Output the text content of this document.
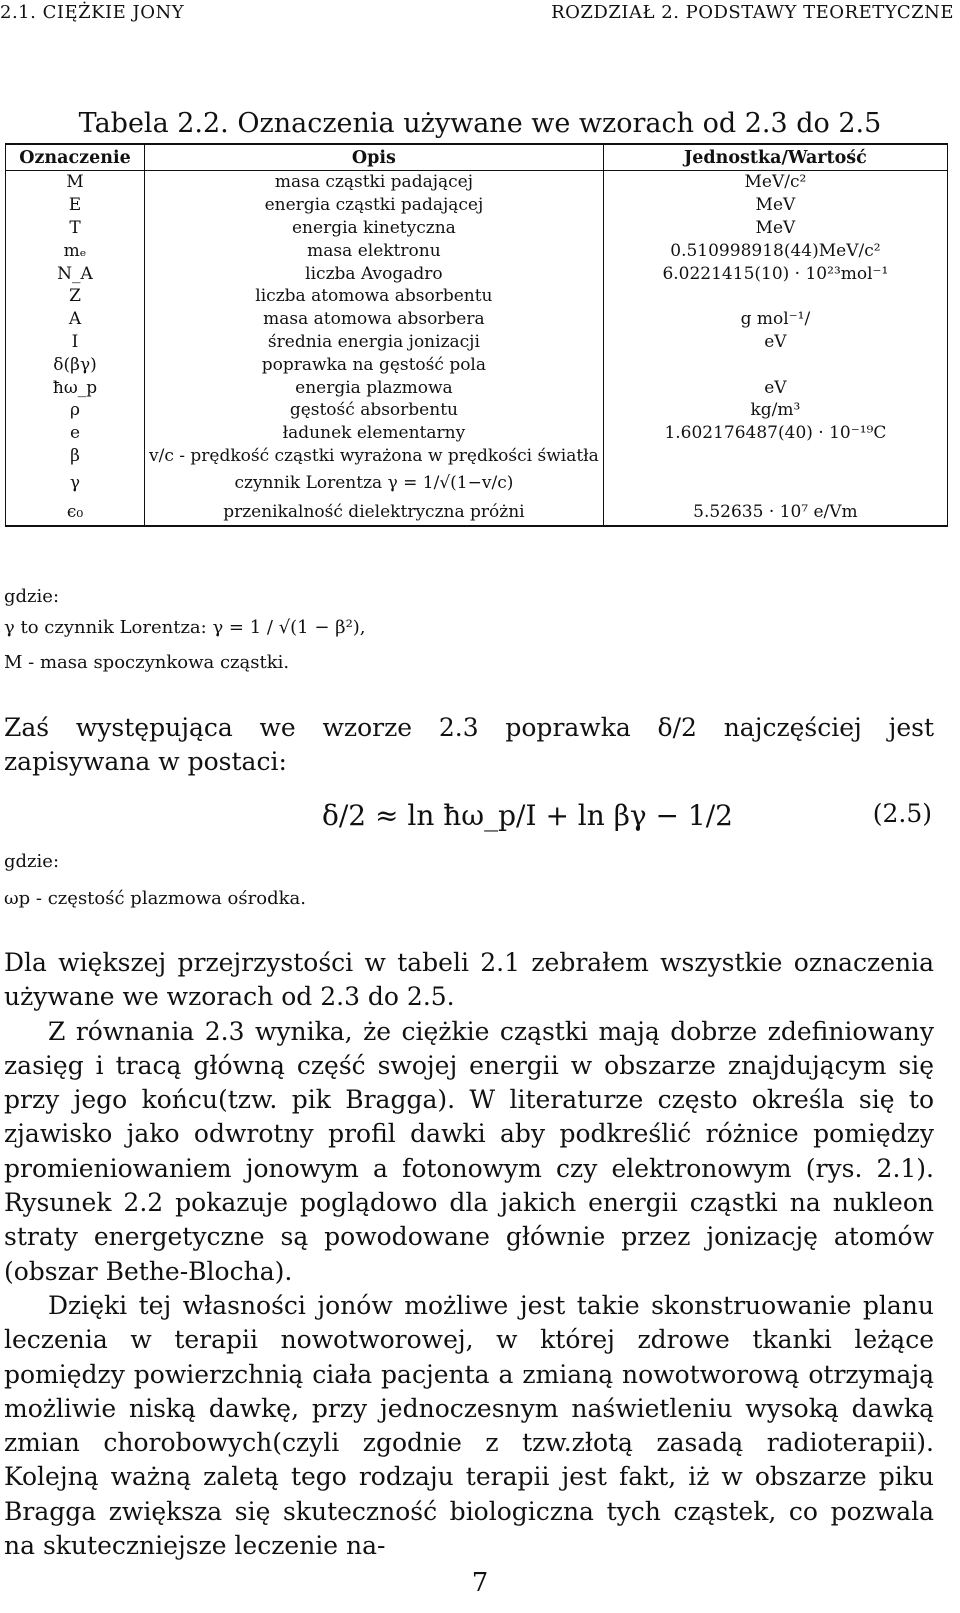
2.1. CIĘŻKIE JONY	ROZDZIAŁ 2. PODSTAWY TEORETYCZNE
Tabela 2.2. Oznaczenia używane we wzorach od 2.3 do 2.5
Oznaczenie	Opis	Jednostka/Wartość
M	masa cząstki padającej	MeV/c²
E	energia cząstki padającej	MeV
T	energia kinetyczna	MeV
mₑ	masa elektronu	0.510998918(44)MeV/c²
N_A	liczba Avogadro	6.0221415(10) · 10²³mol⁻¹
Z	liczba atomowa absorbentu	
A	masa atomowa absorbera	g mol⁻¹/
I	średnia energia jonizacji	eV
δ(βγ)	poprawka na gęstość pola	
ħω_p	energia plazmowa	eV
ρ	gęstość absorbentu	kg/m³
e	ładunek elementarny	1.602176487(40) · 10⁻¹⁹C
β	v/c - prędkość cząstki wyrażona w prędkości światła	
γ	czynnik Lorentza γ = 1/√(1−v/c)	
ϵ₀	przenikalność dielektryczna próżni	5.52635 · 10⁷ e/Vm
gdzie:
γ to czynnik Lorentza: γ = 1 / √(1 − β²),
M - masa spoczynkowa cząstki.

Zaś występująca we wzorze 2.3 poprawka δ/2 najczęściej jest zapisywana w postaci:

δ/2 ≈ ln ħω_p/I + ln βγ − 1/2	(2.5)
gdzie:
ωp - częstość plazmowa ośrodka.

Dla większej przejrzystości w tabeli 2.1 zebrałem wszystkie oznaczenia używane we wzorach od 2.3 do 2.5.

Z równania 2.3 wynika, że ciężkie cząstki mają dobrze zdefiniowany zasięg i tracą główną część swojej energii w obszarze znajdującym się przy jego końcu(tzw. pik Bragga). W literaturze często określa się to zjawisko jako odwrotny profil dawki aby podkreślić różnice pomiędzy promieniowaniem jonowym a fotonowym czy elektronowym (rys. 2.1). Rysunek 2.2 pokazuje poglądowo dla jakich energii cząstki na nukleon straty energetyczne są powodowane głównie przez jonizację atomów (obszar Bethe-Blocha).

Dzięki tej własności jonów możliwe jest takie skonstruowanie planu leczenia w terapii nowotworowej, w której zdrowe tkanki leżące pomiędzy powierzchnią ciała pacjenta a zmianą nowotworową otrzymają możliwie niską dawkę, przy jednoczesnym naświetleniu wysoką dawką zmian chorobowych(czyli zgodnie z tzw.złotą zasadą radioterapii). Kolejną ważną zaletą tego rodzaju terapii jest fakt, iż w obszarze piku Bragga zwiększa się skuteczność biologiczna tych cząstek, co pozwala na skuteczniejsze leczenie na-

7
